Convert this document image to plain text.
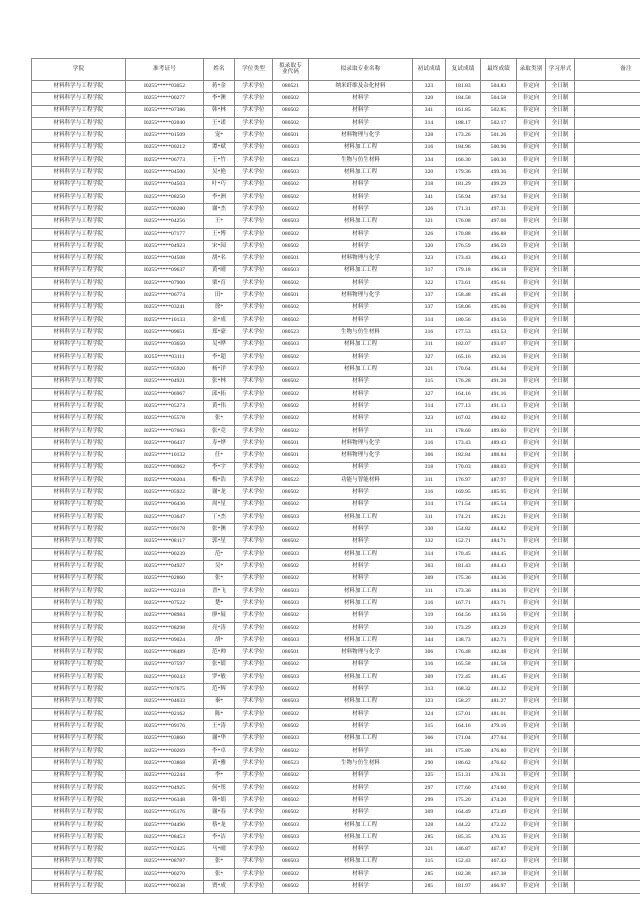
学院	准考证号	姓名	学位类型	拟录取专
业代码	拟录取专业名称	初试成绩	复试成绩	最终成绩	录取类别	学习形式	备注

材料科学与工程学院	I0255*****03052	蒋*金	学术学位	080521	纳米纤维及杂化材料	323	181.83	504.83	非定向	全日制	
材料科学与工程学院	I0255*****00277	李*澳	学术学位	080502	材料学	320	184.58	504.58	非定向	全日制	
材料科学与工程学院	I0255*****07386	韩*林	学术学位	080502	材料学	341	161.85	502.85	非定向	全日制	
材料科学与工程学院	I0255*****02040	王*诺	学术学位	080502	材料学	314	188.17	502.17	非定向	全日制	
材料科学与工程学院	I0255*****01509	宠*	学术学位	080501	材料物理与化学	328	173.26	501.26	非定向	全日制	
材料科学与工程学院	I0255*****00212	谭*斌	学术学位	080503	材料加工工程	316	184.96	500.96	非定向	全日制	
材料科学与工程学院	I0255*****06773	王*竹	学术学位	080523	生物与仿生材料	334	166.30	500.30	非定向	全日制	
材料科学与工程学院	I0255*****04500	吴*艳	学术学位	080503	材料加工工程	320	179.36	499.36	非定向	全日制	
材料科学与工程学院	I0255*****04503	叶*巧	学术学位	080502	材料学	318	181.29	499.29	非定向	全日制	
材料科学与工程学院	I0255*****08250	李*洲	学术学位	080502	材料学	341	156.94	497.94	非定向	全日制	
材料科学与工程学院	I0255*****00280	谢*杰	学术学位	080502	材料学	326	171.31	497.31	非定向	全日制	
材料科学与工程学院	I0255*****04256	王*	学术学位	080503	材料加工工程	321	176.08	497.08	非定向	全日制	
材料科学与工程学院	I0255*****07177	王*博	学术学位	080502	材料学	326	170.88	496.88	非定向	全日制	
材料科学与工程学院	I0255*****04923	宋*园	学术学位	080502	材料学	320	176.59	496.59	非定向	全日制	
材料科学与工程学院	I0255*****04508	胡*名	学术学位	080501	材料物理与化学	323	173.43	496.43	非定向	全日制	
材料科学与工程学院	I0255*****09637	黄*晴	学术学位	080503	材料加工工程	317	179.18	496.18	非定向	全日制	
材料科学与工程学院	I0255*****07900	栗*育	学术学位	080502	材料学	322	173.61	495.61	非定向	全日制	
材料科学与工程学院	I0255*****06774	田*	学术学位	080501	材料物理与化学	337	158.48	495.48	非定向	全日制	
材料科学与工程学院	I0255*****03241	徐*	学术学位	080502	材料学	337	158.06	495.06	非定向	全日制	
材料科学与工程学院	I0255*****10133	金*成	学术学位	080502	材料学	314	180.56	494.56	非定向	全日制	
材料科学与工程学院	I0255*****09651	郑*豪	学术学位	080523	生物与仿生材料	316	177.53	493.53	非定向	全日制	
材料科学与工程学院	I0255*****03650	吴*晔	学术学位	080503	材料加工工程	311	182.07	493.07	非定向	全日制	
材料科学与工程学院	I0255*****03111	李*超	学术学位	080502	材料学	327	165.16	492.16	非定向	全日制	
材料科学与工程学院	I0255*****05920	杨*洋	学术学位	080503	材料加工工程	321	170.64	491.64	非定向	全日制	
材料科学与工程学院	I0255*****04921	张*林	学术学位	080502	材料学	315	176.28	491.28	非定向	全日制	
材料科学与工程学院	I0255*****06967	邱*拓	学术学位	080502	材料学	327	164.16	491.16	非定向	全日制	
材料科学与工程学院	I0255*****05273	黄*伟	学术学位	080502	材料学	314	177.13	491.13	非定向	全日制	
材料科学与工程学院	I0255*****05578	张*	学术学位	080502	材料学	323	167.02	490.02	非定向	全日制	
材料科学与工程学院	I0255*****07663	张*竞	学术学位	080502	材料学	311	178.60	489.60	非定向	全日制	
材料科学与工程学院	I0255*****06437	寿*烨	学术学位	080501	材料物理与化学	316	173.43	489.43	非定向	全日制	
材料科学与工程学院	I0255*****10132	任*	学术学位	080501	材料物理与化学	306	182.84	488.84	非定向	全日制	
材料科学与工程学院	I0255*****06962	李*宇	学术学位	080502	材料学	318	170.03	488.03	非定向	全日制	
材料科学与工程学院	I0255*****00204	梅*浩	学术学位	080522	功能与智能材料	311	176.97	487.97	非定向	全日制	
材料科学与工程学院	I0255*****05922	谢*龙	学术学位	080502	材料学	316	169.95	485.95	非定向	全日制	
材料科学与工程学院	I0255*****06436	周*星	学术学位	080502	材料学	314	171.54	485.54	非定向	全日制	
材料科学与工程学院	I0255*****03647	丁*杰	学术学位	080503	材料加工工程	311	174.21	485.21	非定向	全日制	
材料科学与工程学院	I0255*****09178	张*澳	学术学位	080502	材料学	330	154.82	484.82	非定向	全日制	
材料科学与工程学院	I0255*****08117	郭*星	学术学位	080502	材料学	332	152.71	484.71	非定向	全日制	
材料科学与工程学院	I0255*****00239	范*	学术学位	080503	材料加工工程	314	170.45	484.45	非定向	全日制	
材料科学与工程学院	I0255*****04927	吴*	学术学位	080502	材料学	303	181.43	484.43	非定向	全日制	
材料科学与工程学院	I0255*****02860	张*	学术学位	080502	材料学	309	175.36	484.36	非定向	全日制	
材料科学与工程学院	I0255*****02218	晋*飞	学术学位	080503	材料加工工程	311	173.36	484.36	非定向	全日制	
材料科学与工程学院	I0255*****07522	楚*	学术学位	080503	材料加工工程	316	167.71	483.71	非定向	全日制	
材料科学与工程学院	I0255*****08984	廖*展	学术学位	080502	材料学	319	164.56	483.56	非定向	全日制	
材料科学与工程学院	I0255*****08298	亮*涛	学术学位	080502	材料学	310	173.29	483.29	非定向	全日制	
材料科学与工程学院	I0255*****09024	胡*	学术学位	080503	材料加工工程	344	138.73	482.73	非定向	全日制	
材料科学与工程学院	I0255*****08489	范*帅	学术学位	080501	材料物理与化学	306	176.48	482.48	非定向	全日制	
材料科学与工程学院	I0255*****07597	张*婧	学术学位	080502	材料学	316	165.58	481.58	非定向	全日制	
材料科学与工程学院	I0255*****00243	罗*敏	学术学位	080503	材料加工工程	309	172.45	481.45	非定向	全日制	
材料科学与工程学院	I0255*****07675	范*辉	学术学位	080502	材料学	313	168.32	481.32	非定向	全日制	
材料科学与工程学院	I0255*****04033	秦*	学术学位	080503	材料加工工程	323	158.27	481.27	非定向	全日制	
材料科学与工程学院	I0255*****02162	陈*	学术学位	080502	材料学	324	157.01	481.01	非定向	全日制	
材料科学与工程学院	I0255*****09176	王*涛	学术学位	080502	材料学	315	164.16	479.16	非定向	全日制	
材料科学与工程学院	I0255*****03860	谢*华	学术学位	080503	材料加工工程	306	171.04	477.04	非定向	全日制	
材料科学与工程学院	I0255*****00269	李*卓	学术学位	080502	材料学	301	175.80	476.80	非定向	全日制	
材料科学与工程学院	I0255*****03868	黄*雅	学术学位	080523	生物与仿生材料	290	186.62	476.62	非定向	全日制	
材料科学与工程学院	I0255*****02244	李*	学术学位	080502	材料学	325	151.31	476.31	非定向	全日制	
材料科学与工程学院	I0255*****04925	何*彤	学术学位	080502	材料学	297	177.60	474.60	非定向	全日制	
材料科学与工程学院	I0255*****06348	韩*娟	学术学位	080502	材料学	299	175.20	474.20	非定向	全日制	
材料科学与工程学院	I0255*****05176	谢*春	学术学位	080502	材料学	309	164.49	473.49	非定向	全日制	
材料科学与工程学院	I0255*****04496	蔡*龙	学术学位	080503	材料加工工程	328	144.22	472.22	非定向	全日制	
材料科学与工程学院	I0255*****08453	李*洁	学术学位	080503	材料加工工程	285	185.35	470.35	非定向	全日制	
材料科学与工程学院	I0255*****02425	马*晴	学术学位	080502	材料学	321	146.87	467.87	非定向	全日制	
材料科学与工程学院	I0255*****08787	张*	学术学位	080503	材料加工工程	315	152.43	467.43	非定向	全日制	
材料科学与工程学院	I0255*****00270	张*	学术学位	080502	材料学	285	182.38	467.38	非定向	全日制	
材料科学与工程学院	I0255*****00238	贾*成	学术学位	080502	材料学	285	181.97	466.97	非定向	全日制	
